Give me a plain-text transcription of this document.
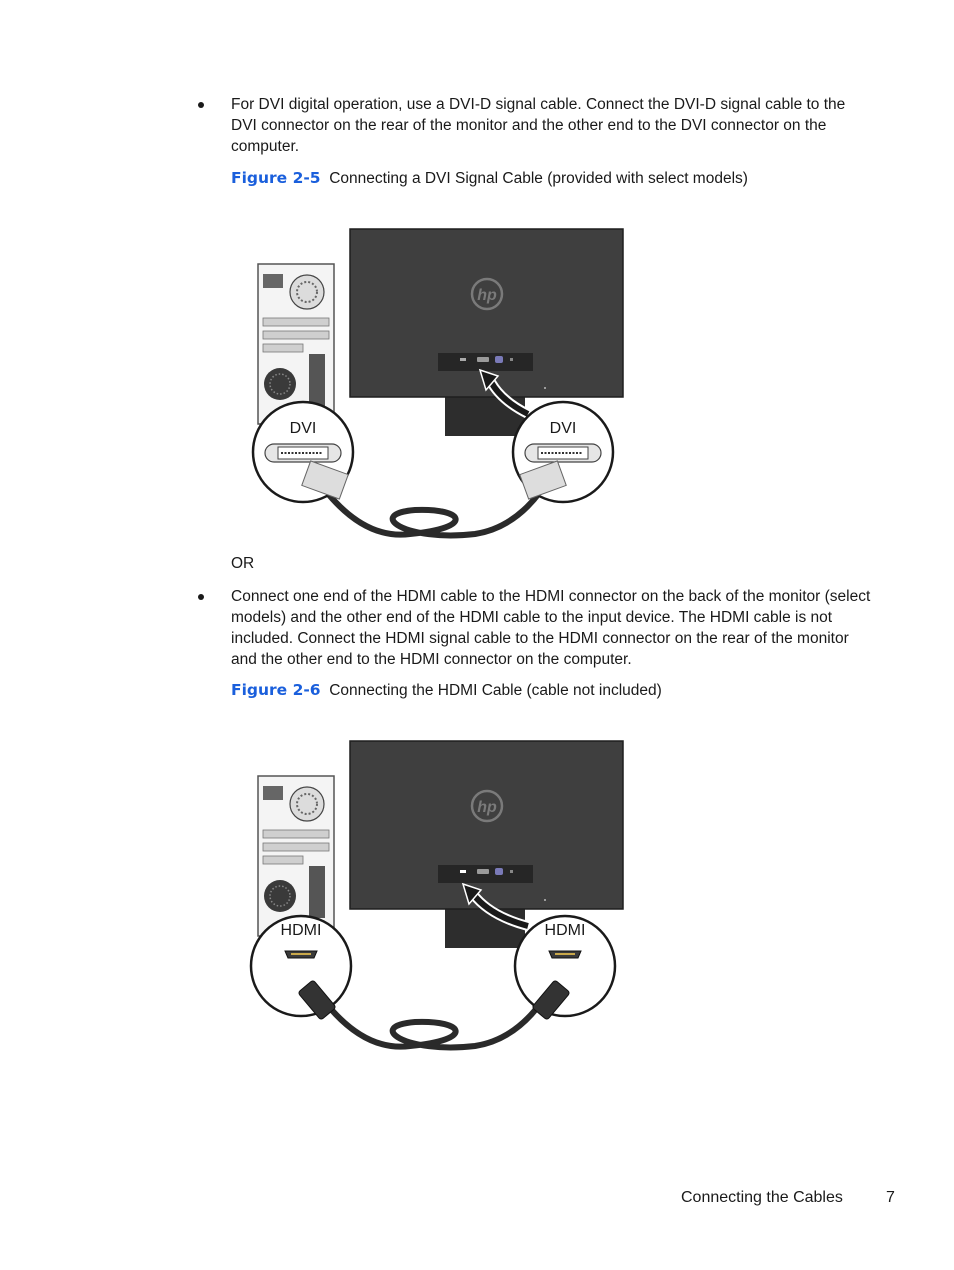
For DVI digital operation, use a DVI-D signal cable. Connect the DVI-D signal cable to the
DVI connector on the rear of the monitor and the other end to the DVI connector on the
computer.
Figure 2-5 Connecting a DVI Signal Cable (provided with select models)
hp
DVI	DVI
OR
Connect one end of the HDMI cable to the HDMI connector on the back of the monitor (select
models) and the other end of the HDMI cable to the input device. The HDMI cable is not
included. Connect the HDMI signal cable to the HDMI connector on the rear of the monitor
and the other end to the HDMI connector on the computer.
Figure 2-6 Connecting the HDMI Cable (cable not included)
hp
HDMI	HDMI
Connecting the Cables	7
